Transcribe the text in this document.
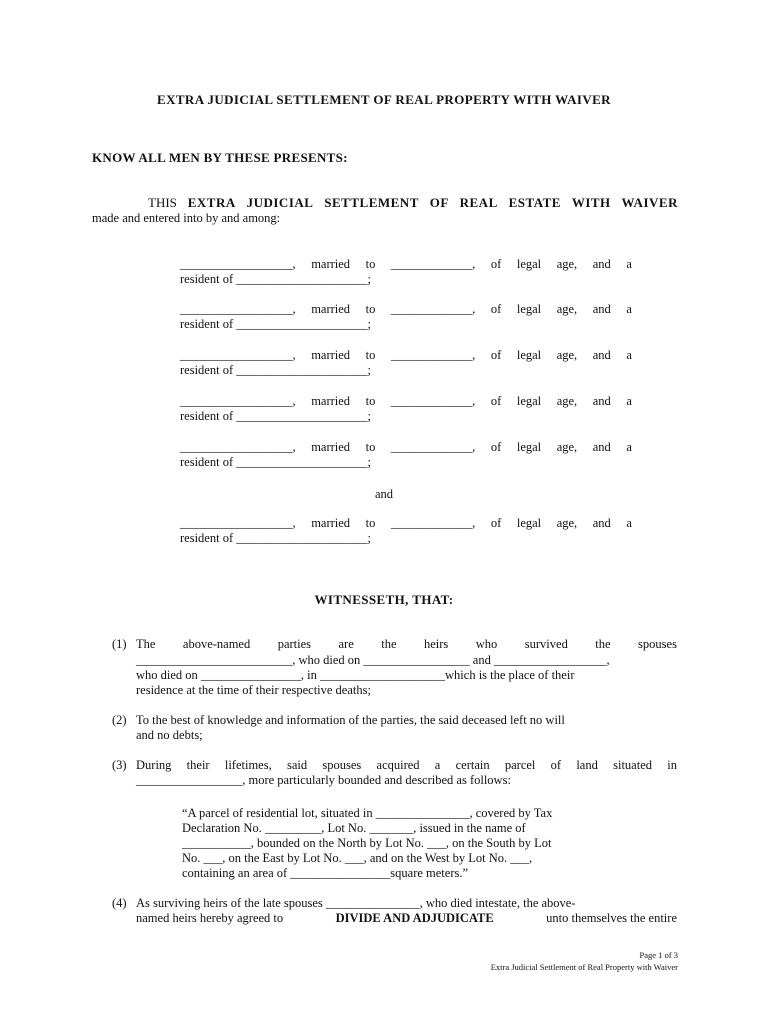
EXTRA JUDICIAL SETTLEMENT OF REAL PROPERTY WITH WAIVER
KNOW ALL MEN BY THESE PRESENTS:
THIS EXTRA JUDICIAL SETTLEMENT OF REAL ESTATE WITH WAIVER
made and entered into by and among:
__________________, married to _____________, of legal age, and a
resident of _____________________;
__________________, married to _____________, of legal age, and a
resident of _____________________;
__________________, married to _____________, of legal age, and a
resident of _____________________;
__________________, married to _____________, of legal age, and a
resident of _____________________;
__________________, married to _____________, of legal age, and a
resident of _____________________;
and
__________________, married to _____________, of legal age, and a
resident of _____________________;
WITNESSETH, THAT:
(1) The above-named parties are the heirs who survived the spouses
_________________________, who died on _________________ and __________________,
who died on ________________, in ____________________which is the place of their
residence at the time of their respective deaths;
(2) To the best of knowledge and information of the parties, the said deceased left no will
and no debts;
(3) During their lifetimes, said spouses acquired a certain parcel of land situated in
_________________, more particularly bounded and described as follows:
“A parcel of residential lot, situated in _______________, covered by Tax
Declaration No. _________, Lot No. _______, issued in the name of
___________, bounded on the North by Lot No. ___, on the South by Lot
No. ___, on the East by Lot No. ___, and on the West by Lot No. ___,
containing an area of ________________square meters.”
(4) As surviving heirs of the late spouses _______________, who died intestate, the above-
named heirs hereby agreed to	DIVIDE AND ADJUDICATE	unto themselves the entire
Page 1 of 3
Extra Judicial Settlement of Real Property with Waiver
